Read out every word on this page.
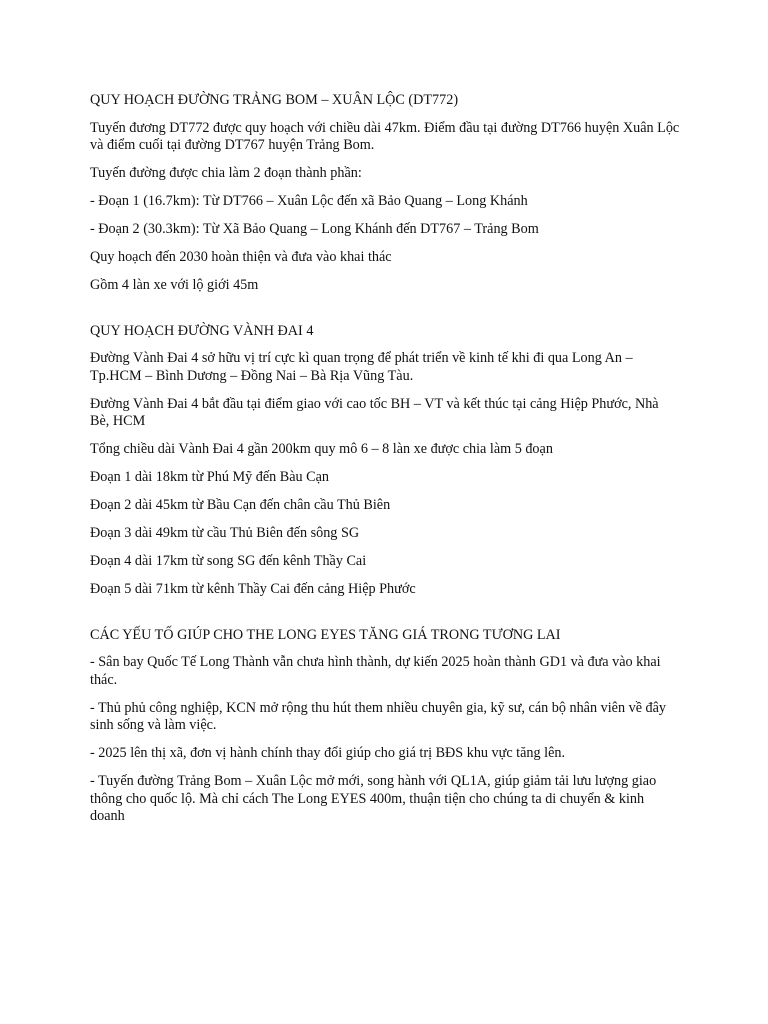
QUY HOẠCH ĐƯỜNG TRẢNG BOM – XUÂN LỘC (DT772)

Tuyến đương DT772 được quy hoạch với chiều dài 47km. Điểm đầu tại đường DT766 huyện Xuân Lộc và điểm cuối tại đường DT767 huyện Trảng Bom.

Tuyến đường được chia làm 2 đoạn thành phần:

- Đoạn 1 (16.7km): Từ DT766 – Xuân Lộc đến xã Bảo Quang – Long Khánh

- Đoạn 2 (30.3km): Từ Xã Bảo Quang – Long Khánh đến DT767 – Trảng Bom

Quy hoạch đến 2030 hoàn thiện và đưa vào khai thác

Gồm 4 làn xe với lộ giới 45m

QUY HOẠCH ĐƯỜNG VÀNH ĐAI 4

Đường Vành Đai 4 sở hữu vị trí cực kì quan trọng để phát triển về kinh tế khi đi qua Long An – Tp.HCM – Bình Dương – Đồng Nai – Bà Rịa Vũng Tàu.

Đường Vành Đai 4 bắt đầu tại điểm giao với cao tốc BH – VT và kết thúc tại cảng Hiệp Phước, Nhà Bè, HCM

Tổng chiều dài Vành Đai 4 gần 200km quy mô 6 – 8 làn xe được chia làm 5 đoạn

Đoạn 1 dài 18km từ Phú Mỹ đến Bàu Cạn

Đoạn 2 dài 45km từ Bầu Cạn đến chân cầu Thủ Biên

Đoạn 3 dài 49km từ cầu Thủ Biên đến sông SG

Đoạn 4 dài 17km từ song SG đến kênh Thầy Cai

Đoạn 5 dài 71km từ kênh Thầy Cai đến cảng Hiệp Phước

CÁC YẾU TỐ GIÚP CHO THE LONG EYES TĂNG GIÁ TRONG TƯƠNG LAI

- Sân bay Quốc Tế Long Thành vẫn chưa hình thành, dự kiến 2025 hoàn thành GD1 và đưa vào khai thác.

- Thủ phủ công nghiệp, KCN mở rộng thu hút them nhiều chuyên gia, kỹ sư, cán bộ nhân viên về đây sinh sống và làm việc.

- 2025 lên thị xã, đơn vị hành chính thay đổi giúp cho giá trị BĐS khu vực tăng lên.

- Tuyến đường Trảng Bom – Xuân Lộc mở mới, song hành với QL1A, giúp giảm tải lưu lượng giao thông cho quốc lộ. Mà chỉ cách The Long EYES 400m, thuận tiện cho chúng ta di chuyển & kinh doanh
